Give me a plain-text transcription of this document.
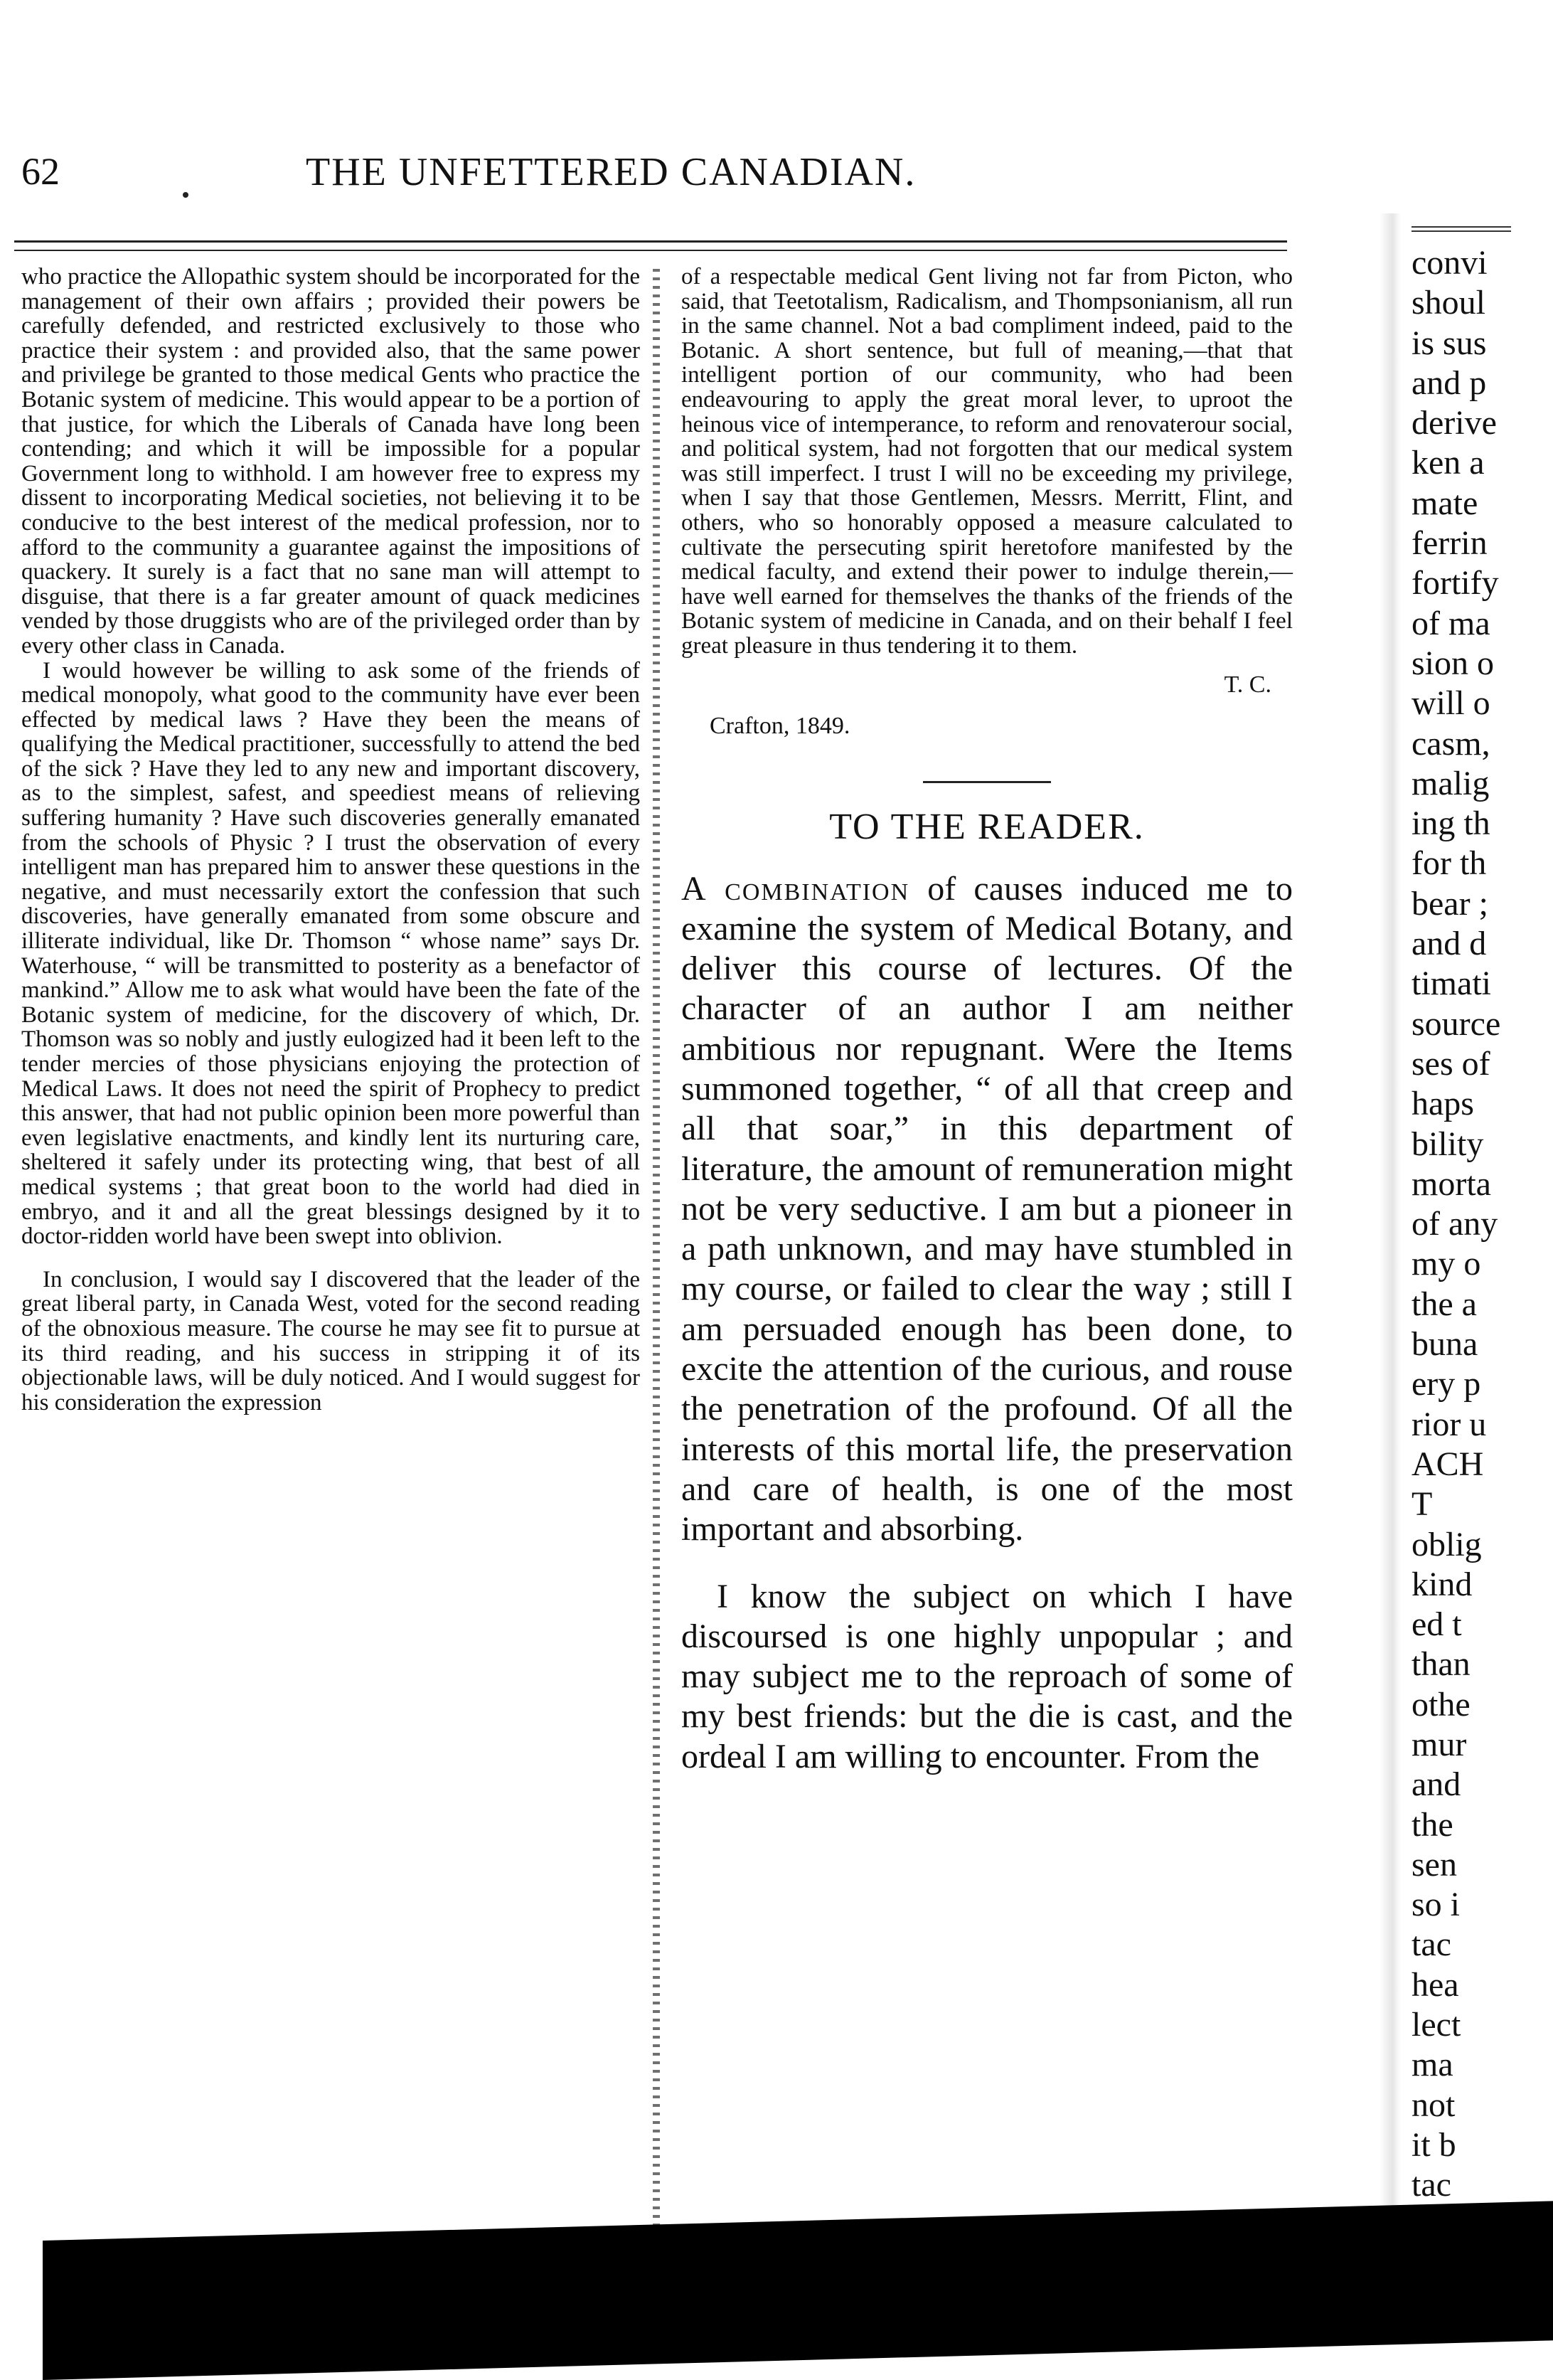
62	THE UNFETTERED CANADIAN.

who practice the Allopathic system should be incorporated for the management of their own affairs ; provided their powers be carefully defended, and restricted exclusively to those who practice their system : and provided also, that the same power and privilege be granted to those medical Gents who practice the Botanic system of medicine. This would appear to be a portion of that justice, for which the Liberals of Canada have long been contending; and which it will be impossible for a popular Government long to withhold. I am however free to express my dissent to incorporating Medical societies, not believing it to be conducive to the best interest of the medical profession, nor to afford to the community a guarantee against the impositions of quackery. It surely is a fact that no sane man will attempt to disguise, that there is a far greater amount of quack medicines vended by those druggists who are of the privileged order than by every other class in Canada.

I would however be willing to ask some of the friends of medical monopoly, what good to the community have ever been effected by medical laws ? Have they been the means of qualifying the Medical practitioner, successfully to attend the bed of the sick ? Have they led to any new and important discovery, as to the simplest, safest, and speediest means of relieving suffering humanity ? Have such discoveries generally emanated from the schools of Physic ? I trust the observation of every intelligent man has prepared him to answer these questions in the negative, and must necessarily extort the confession that such discoveries, have generally emanated from some obscure and illiterate individual, like Dr. Thomson “ whose name” says Dr. Waterhouse, “ will be transmitted to posterity as a benefactor of mankind.” Allow me to ask what would have been the fate of the Botanic system of medicine, for the discovery of which, Dr. Thomson was so nobly and justly eulogized had it been left to the tender mercies of those physicians enjoying the protection of Medical Laws. It does not need the spirit of Prophecy to predict this answer, that had not public opinion been more powerful than even legislative enactments, and kindly lent its nurturing care, sheltered it safely under its protecting wing, that best of all medical systems ; that great boon to the world had died in embryo, and it and all the great blessings designed by it to doctor-ridden world have been swept into oblivion.

In conclusion, I would say I discovered that the leader of the great liberal party, in Canada West, voted for the second reading of the obnoxious measure. The course he may see fit to pursue at its third reading, and his success in stripping it of its objectionable laws, will be duly noticed. And I would suggest for his consideration the expression

of a respectable medical Gent living not far from Picton, who said, that Teetotalism, Radicalism, and Thompsonianism, all run in the same channel. Not a bad compliment indeed, paid to the Botanic. A short sentence, but full of meaning,—that that intelligent portion of our community, who had been endeavouring to apply the great moral lever, to uproot the heinous vice of intemperance, to reform and renovaterour social, and political system, had not forgotten that our medical system was still imperfect. I trust I will no be exceeding my privilege, when I say that those Gentlemen, Messrs. Merritt, Flint, and others, who so honorably opposed a measure calculated to cultivate the persecuting spirit heretofore manifested by the medical faculty, and extend their power to indulge therein,— have well earned for themselves the thanks of the friends of the Botanic system of medicine in Canada, and on their behalf I feel great pleasure in thus tendering it to them.

T. C.
Crafton, 1849.
TO THE READER.

A combination of causes induced me to examine the system of Medical Botany, and deliver this course of lectures. Of the character of an author I am neither ambitious nor repugnant. Were the Items summoned together, “ of all that creep and all that soar,” in this department of literature, the amount of remuneration might not be very seductive. I am but a pioneer in a path unknown, and may have stumbled in my course, or failed to clear the way ; still I am persuaded enough has been done, to excite the attention of the curious, and rouse the penetration of the profound. Of all the interests of this mortal life, the preservation and care of health, is one of the most important and absorbing.

I know the subject on which I have discoursed is one highly unpopular ; and may subject me to the reproach of some of my best friends: but the die is cast, and the ordeal I am willing to encounter. From the

convi
shoul
is sus
and p
derive
ken a
mate
ferrin
fortify
of ma
sion o
will o
casm,
malig
ing th
for th
bear ;
and d
timati
source
ses of
haps
bility
morta
of any
my o
the a
buna
ery p
rior u
ACH
T
oblig
kind
ed t
than
othe
mur
and
the
sen
so i
tac
hea
lect
ma
not
it b
tac
